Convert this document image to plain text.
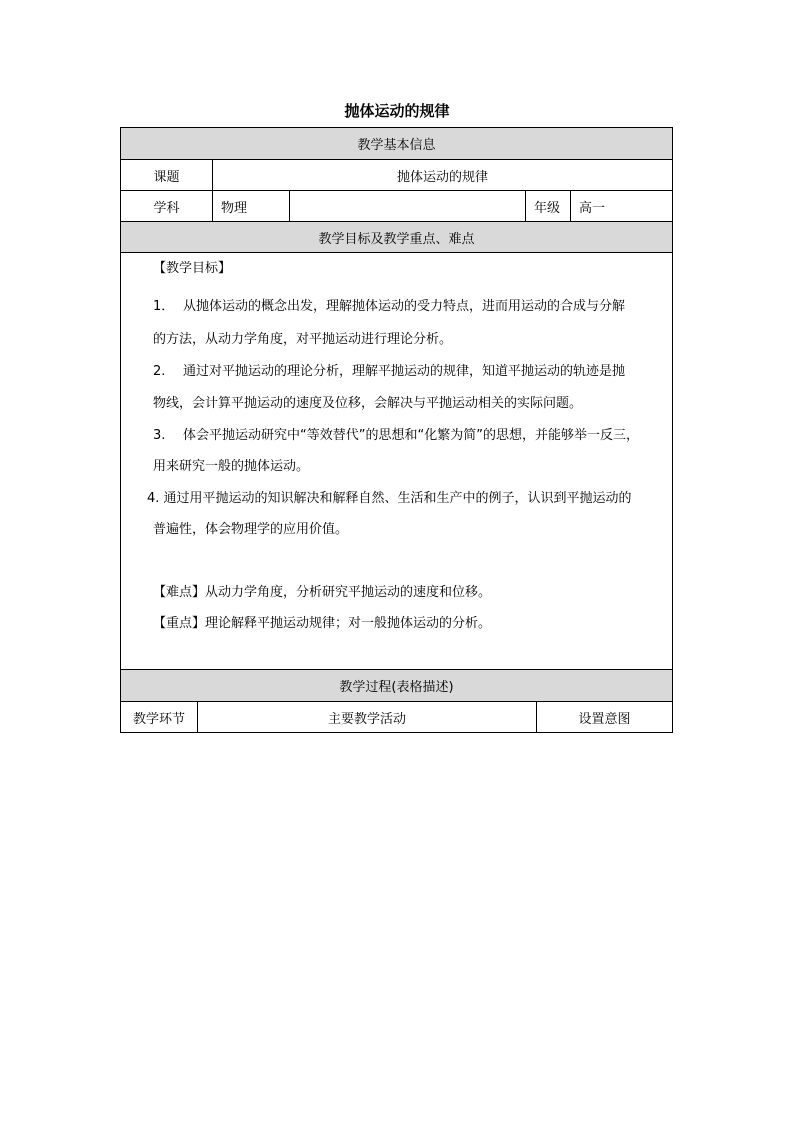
抛体运动的规律
教学基本信息
课题	抛体运动的规律
学科	物理	年级	高一
教学目标及教学重点、难点
【教学目标】
1． 从抛体运动的概念出发，理解抛体运动的受力特点，进而用运动的合成与分解
的方法，从动力学角度，对平抛运动进行理论分析。
2. 通过对平抛运动的理论分析，理解平抛运动的规律，知道平抛运动的轨迹是抛
物线，会计算平抛运动的速度及位移，会解决与平抛运动相关的实际问题。
3. 体会平抛运动研究中“等效替代”的思想和“化繁为简”的思想，并能够举一反三，
用来研究一般的抛体运动。
4. 通过用平抛运动的知识解决和解释自然、生活和生产中的例子，认识到平抛运动的
普遍性，体会物理学的应用价值。
【难点】从动力学角度，分析研究平抛运动的速度和位移。
【重点】理论解释平抛运动规律；对一般抛体运动的分析。
教学过程(表格描述)
教学环节	主要教学活动	设置意图
